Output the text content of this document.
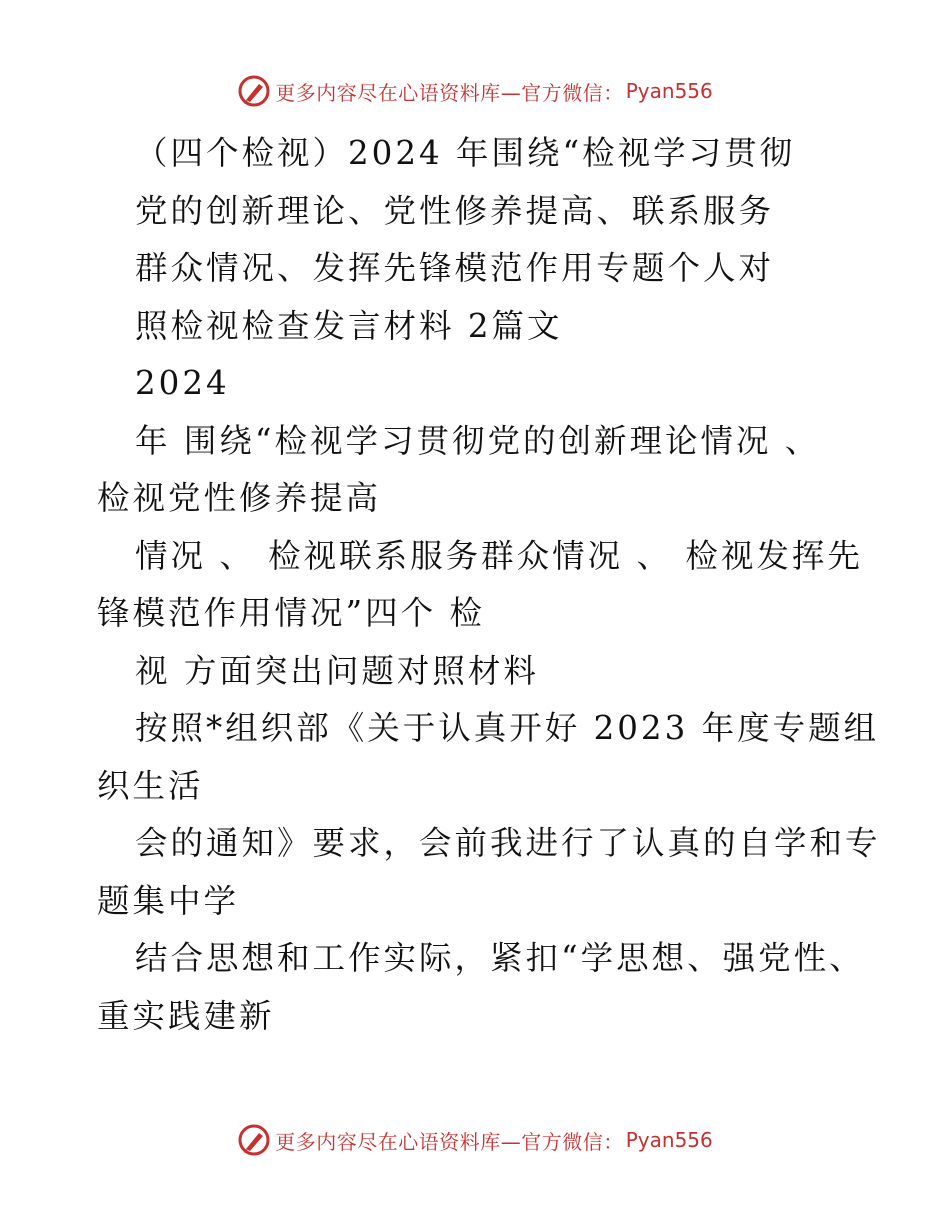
更多内容尽在心语资料库—官方微信： Pyan556

（四个检视）2024 年围绕“检视学习贯彻

党的创新理论、党性修养提高、联系服务

群众情况、发挥先锋模范作用专题个人对

照检视检查发言材料 2篇文

2024

年 围绕“检视学习贯彻党的创新理论情况 、

检视党性修养提高

情况 、 检视联系服务群众情况 、 检视发挥先

锋模范作用情况”四个 检

视 方面突出问题对照材料

按照*组织部《关于认真开好 2023 年度专题组

织生活

会的通知》要求，会前我进行了认真的自学和专

题集中学

结合思想和工作实际，紧扣“学思想、强党性、

重实践建新

更多内容尽在心语资料库—官方微信： Pyan556
